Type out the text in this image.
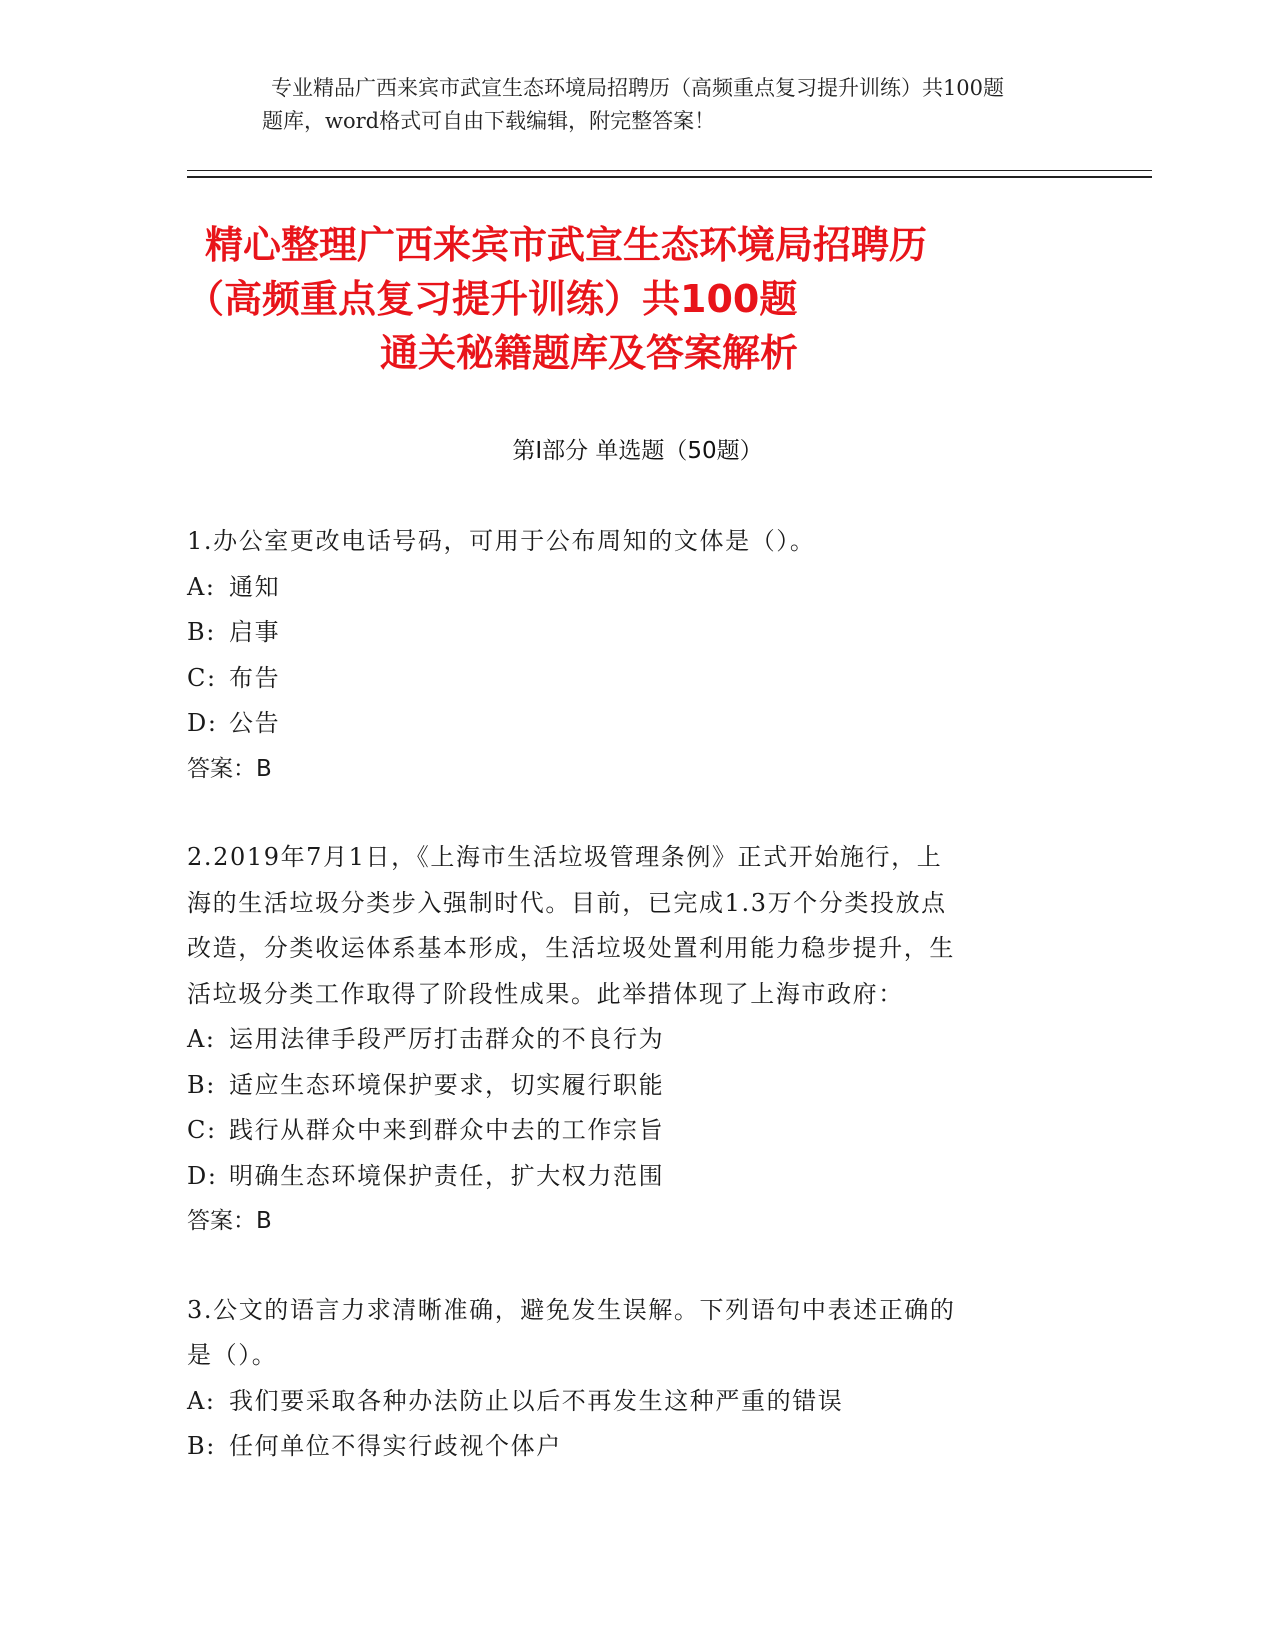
专业精品广西来宾市武宣生态环境局招聘历（高频重点复习提升训练）共100题
题库，word格式可自由下载编辑，附完整答案！
精心整理广西来宾市武宣生态环境局招聘历
（高频重点复习提升训练）共100题
通关秘籍题库及答案解析
第Ⅰ部分 单选题（50题）
1.办公室更改电话号码，可用于公布周知的文体是（）。
A: 通知
B: 启事
C: 布告
D: 公告
答案：B
2.2019年7月1日，《上海市生活垃圾管理条例》正式开始施行，上
海的生活垃圾分类步入强制时代。目前，已完成1.3万个分类投放点
改造，分类收运体系基本形成，生活垃圾处置利用能力稳步提升，生
活垃圾分类工作取得了阶段性成果。此举措体现了上海市政府：
A: 运用法律手段严厉打击群众的不良行为
B: 适应生态环境保护要求，切实履行职能
C: 践行从群众中来到群众中去的工作宗旨
D: 明确生态环境保护责任，扩大权力范围
答案：B
3.公文的语言力求清晰准确，避免发生误解。下列语句中表述正确的
是（）。
A: 我们要采取各种办法防止以后不再发生这种严重的错误
B: 任何单位不得实行歧视个体户
